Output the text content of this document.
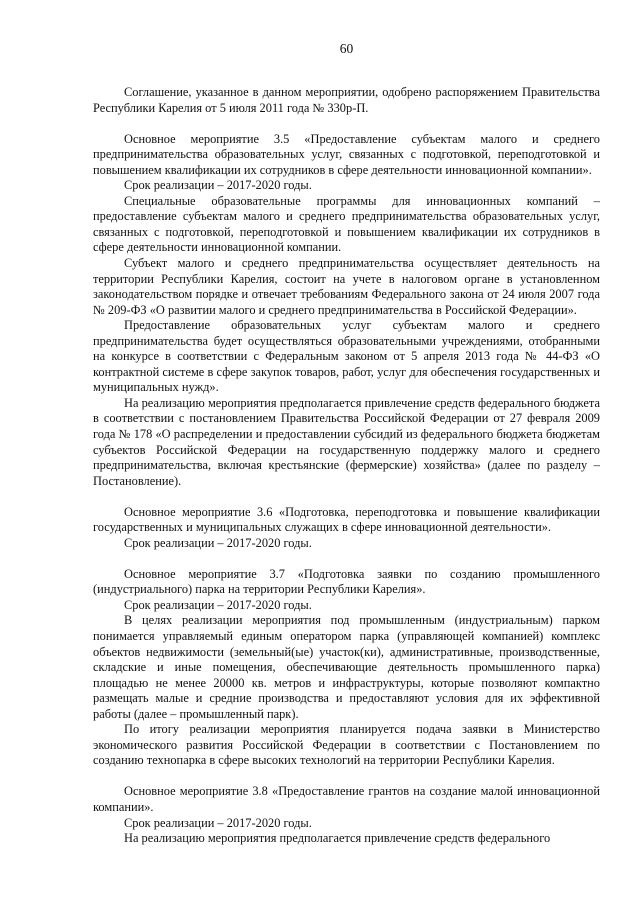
60

Соглашение, указанное в данном мероприятии, одобрено распоряжением Правительства Республики Карелия от 5 июля 2011 года № 330р-П.

Основное мероприятие 3.5 «Предоставление субъектам малого и среднего предпринимательства образовательных услуг, связанных с подготовкой, переподготовкой и повышением квалификации их сотрудников в сфере деятельности инновационной компании».

Срок реализации – 2017-2020 годы.

Специальные образовательные программы для инновационных компаний – предоставление субъектам малого и среднего предпринимательства образовательных услуг, связанных с подготовкой, переподготовкой и повышением квалификации их сотрудников в сфере деятельности инновационной компании.

Субъект малого и среднего предпринимательства осуществляет деятельность на территории Республики Карелия, состоит на учете в налоговом органе в установленном законодательством порядке и отвечает требованиям Федерального закона от 24 июля 2007 года № 209-ФЗ «О развитии малого и среднего предпринимательства в Российской Федерации».

Предоставление образовательных услуг субъектам малого и среднего предпринимательства будет осуществляться образовательными учреждениями, отобранными на конкурсе в соответствии с Федеральным законом от 5 апреля 2013 года № 44-ФЗ «О контрактной системе в сфере закупок товаров, работ, услуг для обеспечения государственных и муниципальных нужд».

На реализацию мероприятия предполагается привлечение средств федерального бюджета в соответствии с постановлением Правительства Российской Федерации от 27 февраля 2009 года № 178 «О распределении и предоставлении субсидий из федерального бюджета бюджетам субъектов Российской Федерации на государственную поддержку малого и среднего предпринимательства, включая крестьянские (фермерские) хозяйства» (далее по разделу – Постановление).

Основное мероприятие 3.6 «Подготовка, переподготовка и повышение квалификации государственных и муниципальных служащих в сфере инновационной деятельности».

Срок реализации – 2017-2020 годы.

Основное мероприятие 3.7 «Подготовка заявки по созданию промышленного (индустриального) парка на территории Республики Карелия».

Срок реализации – 2017-2020 годы.

В целях реализации мероприятия под промышленным (индустриальным) парком понимается управляемый единым оператором парка (управляющей компанией) комплекс объектов недвижимости (земельный(ые) участок(ки), административные, производственные, складские и иные помещения, обеспечивающие деятельность промышленного парка) площадью не менее 20000 кв. метров и инфраструктуры, которые позволяют компактно размещать малые и средние производства и предоставляют условия для их эффективной работы (далее – промышленный парк).

По итогу реализации мероприятия планируется подача заявки в Министерство экономического развития Российской Федерации в соответствии с Постановлением по созданию технопарка в сфере высоких технологий на территории Республики Карелия.

Основное мероприятие 3.8 «Предоставление грантов на создание малой инновационной компании».

Срок реализации – 2017-2020 годы.

На реализацию мероприятия предполагается привлечение средств федерального
